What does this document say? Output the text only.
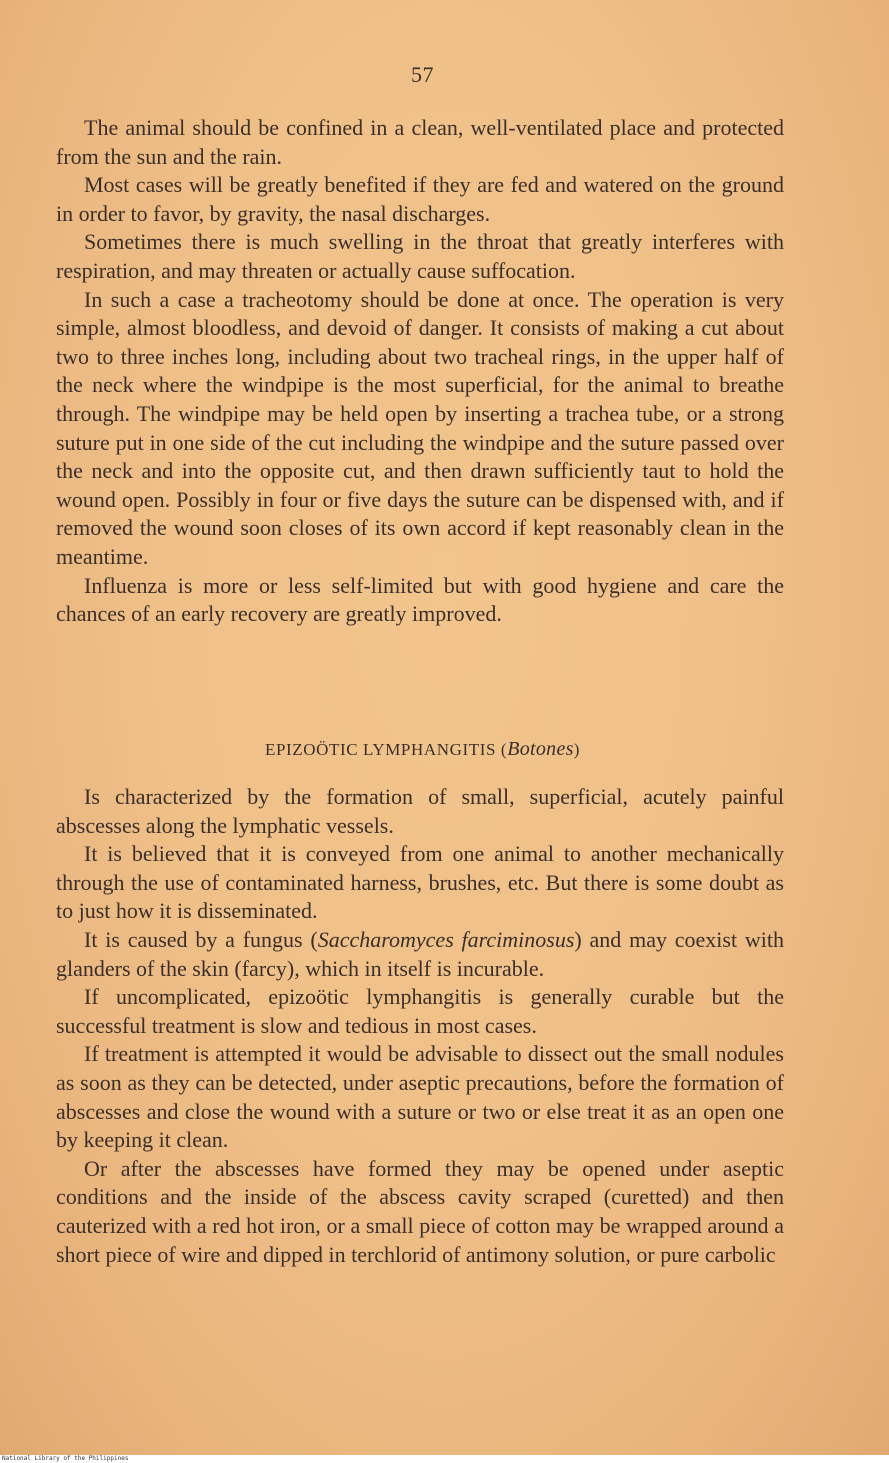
57

The animal should be confined in a clean, well-ventilated place and protected from the sun and the rain.

Most cases will be greatly benefited if they are fed and watered on the ground in order to favor, by gravity, the nasal discharges.

Sometimes there is much swelling in the throat that greatly interferes with respiration, and may threaten or actually cause suffocation.

In such a case a tracheotomy should be done at once. The operation is very simple, almost bloodless, and devoid of danger. It consists of making a cut about two to three inches long, including about two tracheal rings, in the upper half of the neck where the windpipe is the most superficial, for the animal to breathe through. The windpipe may be held open by inserting a trachea tube, or a strong suture put in one side of the cut including the windpipe and the suture passed over the neck and into the opposite cut, and then drawn sufficiently taut to hold the wound open. Possibly in four or five days the suture can be dispensed with, and if removed the wound soon closes of its own accord if kept reasonably clean in the meantime.

Influenza is more or less self-limited but with good hygiene and care the chances of an early recovery are greatly improved.

EPIZOÖTIC LYMPHANGITIS (Botones)

Is characterized by the formation of small, superficial, acutely painful abscesses along the lymphatic vessels.

It is believed that it is conveyed from one animal to another mechanically through the use of contaminated harness, brushes, etc. But there is some doubt as to just how it is disseminated.

It is caused by a fungus (Saccharomyces farciminosus) and may coexist with glanders of the skin (farcy), which in itself is incurable.

If uncomplicated, epizoötic lymphangitis is generally curable but the successful treatment is slow and tedious in most cases.

If treatment is attempted it would be advisable to dissect out the small nodules as soon as they can be detected, under aseptic precautions, before the formation of abscesses and close the wound with a suture or two or else treat it as an open one by keeping it clean.

Or after the abscesses have formed they may be opened under aseptic conditions and the inside of the abscess cavity scraped (curetted) and then cauterized with a red hot iron, or a small piece of cotton may be wrapped around a short piece of wire and dipped in terchlorid of antimony solution, or pure carbolic

National Library of the Philippines
